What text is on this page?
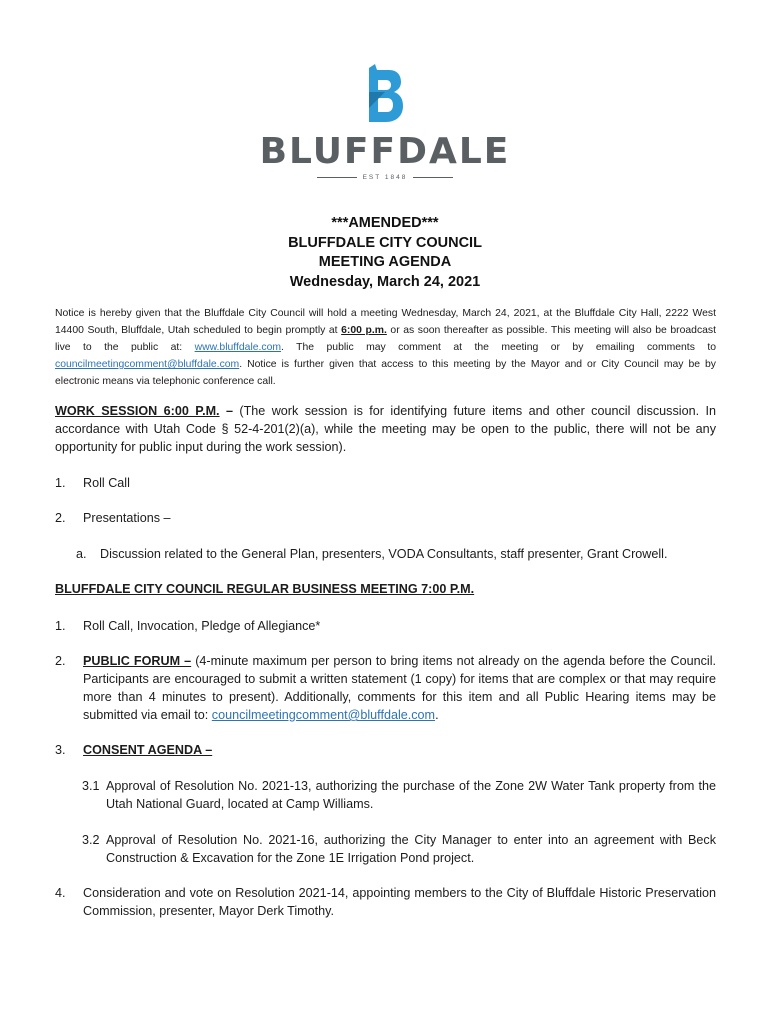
BLUFFDALE
EST 1848
***AMENDED***
BLUFFDALE CITY COUNCIL
MEETING AGENDA
Wednesday, March 24, 2021
Notice is hereby given that the Bluffdale City Council will hold a meeting Wednesday, March 24, 2021, at the Bluffdale City Hall, 2222 West 14400 South, Bluffdale, Utah scheduled to begin promptly at 6:00 p.m. or as soon thereafter as possible. This meeting will also be broadcast live to the public at: www.bluffdale.com. The public may comment at the meeting or by emailing comments to councilmeetingcomment@bluffdale.com. Notice is further given that access to this meeting by the Mayor and or City Council may be by electronic means via telephonic conference call.
WORK SESSION 6:00 P.M. – (The work session is for identifying future items and other council discussion. In accordance with Utah Code § 52-4-201(2)(a), while the meeting may be open to the public, there will not be any opportunity for public input during the work session).
1.	Roll Call
2.	Presentations –
a.	Discussion related to the General Plan, presenters, VODA Consultants, staff presenter, Grant Crowell.
BLUFFDALE CITY COUNCIL REGULAR BUSINESS MEETING 7:00 P.M.
1.	Roll Call, Invocation, Pledge of Allegiance*
2.	PUBLIC FORUM – (4-minute maximum per person to bring items not already on the agenda before the Council. Participants are encouraged to submit a written statement (1 copy) for items that are complex or that may require more than 4 minutes to present). Additionally, comments for this item and all Public Hearing items may be submitted via email to: councilmeetingcomment@bluffdale.com.
3.	CONSENT AGENDA –
3.1 Approval of Resolution No. 2021-13, authorizing the purchase of the Zone 2W Water Tank property from the Utah National Guard, located at Camp Williams.
3.2 Approval of Resolution No. 2021-16, authorizing the City Manager to enter into an agreement with Beck Construction & Excavation for the Zone 1E Irrigation Pond project.
4.	Consideration and vote on Resolution 2021-14, appointing members to the City of Bluffdale Historic Preservation Commission, presenter, Mayor Derk Timothy.
